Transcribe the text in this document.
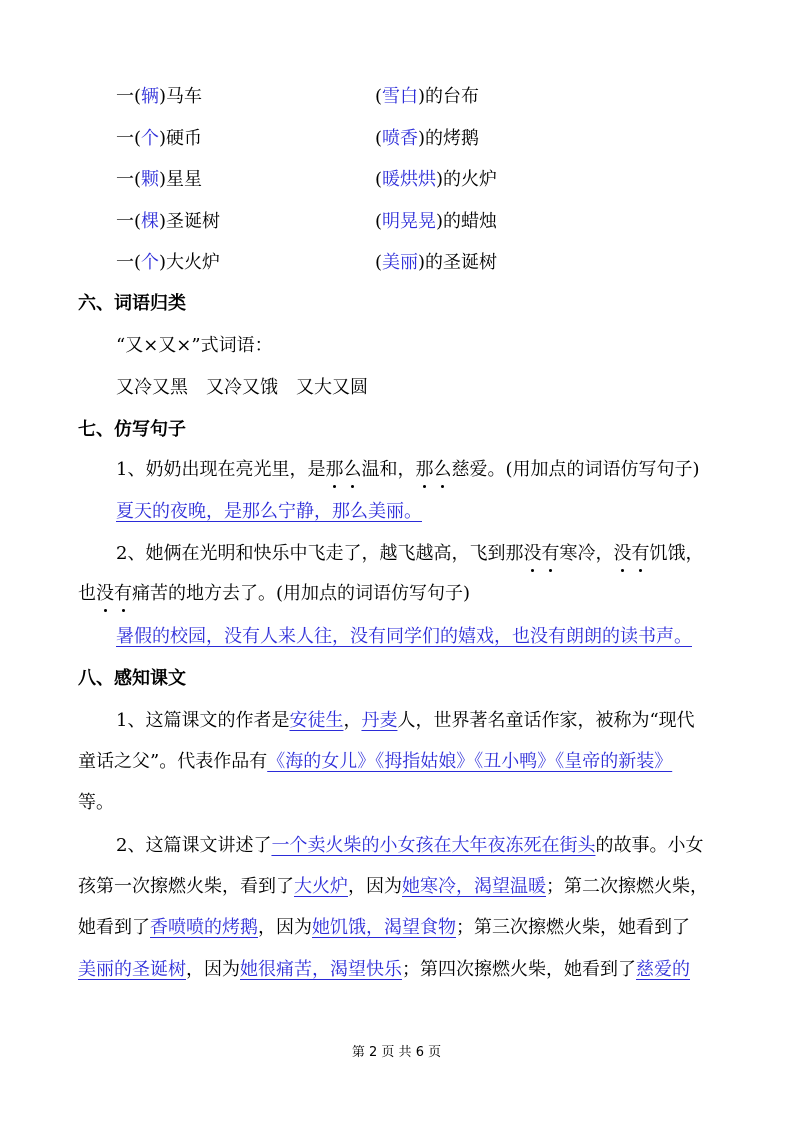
一(辆)马车
一(个)硬币
一(颗)星星
一(棵)圣诞树
一(个)大火炉
(雪白)的台布
(喷香)的烤鹅
(暖烘烘)的火炉
(明晃晃)的蜡烛
(美丽)的圣诞树
六、词语归类
“又×又×”式词语：
又冷又黑　又冷又饿　又大又圆
七、仿写句子
1、奶奶出现在亮光里，是那么温和，那么慈爱。(用加点的词语仿写句子)
夏天的夜晚，是那么宁静，那么美丽。
2、她俩在光明和快乐中飞走了，越飞越高，飞到那没有寒冷，没有饥饿，
也没有痛苦的地方去了。(用加点的词语仿写句子)
暑假的校园，没有人来人往，没有同学们的嬉戏，也没有朗朗的读书声。
八、感知课文
1、这篇课文的作者是安徒生，丹麦人，世界著名童话作家，被称为“现代
童话之父”。代表作品有《海的女儿》《拇指姑娘》《丑小鸭》《皇帝的新装》
等。
2、这篇课文讲述了一个卖火柴的小女孩在大年夜冻死在街头的故事。小女
孩第一次擦燃火柴，看到了大火炉，因为她寒冷，渴望温暖；第二次擦燃火柴，
她看到了香喷喷的烤鹅，因为她饥饿，渴望食物；第三次擦燃火柴，她看到了
美丽的圣诞树，因为她很痛苦，渴望快乐；第四次擦燃火柴，她看到了慈爱的
第 2 页 共 6 页
